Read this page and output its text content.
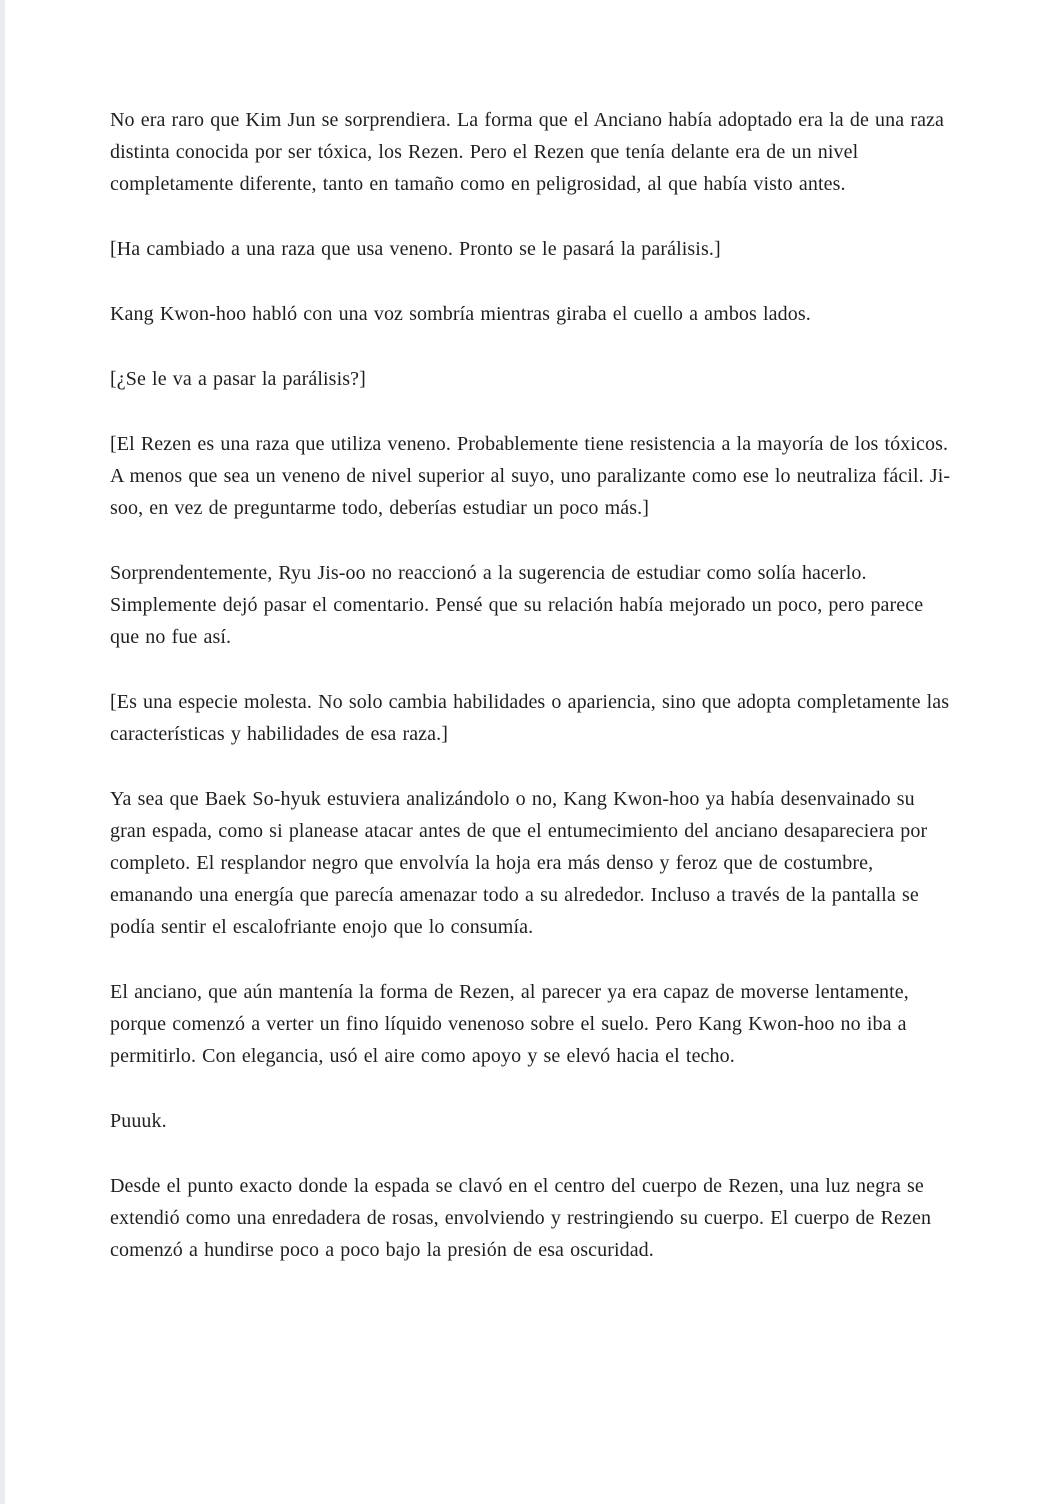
No era raro que Kim Jun se sorprendiera. La forma que el Anciano había adoptado era la de una raza distinta conocida por ser tóxica, los Rezen. Pero el Rezen que tenía delante era de un nivel completamente diferente, tanto en tamaño como en peligrosidad, al que había visto antes.

[Ha cambiado a una raza que usa veneno. Pronto se le pasará la parálisis.]

Kang Kwon-hoo habló con una voz sombría mientras giraba el cuello a ambos lados.

[¿Se le va a pasar la parálisis?]

[El Rezen es una raza que utiliza veneno. Probablemente tiene resistencia a la mayoría de los tóxicos. A menos que sea un veneno de nivel superior al suyo, uno paralizante como ese lo neutraliza fácil. Ji-soo, en vez de preguntarme todo, deberías estudiar un poco más.]

Sorprendentemente, Ryu Jis-oo no reaccionó a la sugerencia de estudiar como solía hacerlo. Simplemente dejó pasar el comentario. Pensé que su relación había mejorado un poco, pero parece que no fue así.

[Es una especie molesta. No solo cambia habilidades o apariencia, sino que adopta completamente las características y habilidades de esa raza.]

Ya sea que Baek So-hyuk estuviera analizándolo o no, Kang Kwon-hoo ya había desenvainado su gran espada, como si planease atacar antes de que el entumecimiento del anciano desapareciera por completo. El resplandor negro que envolvía la hoja era más denso y feroz que de costumbre, emanando una energía que parecía amenazar todo a su alrededor. Incluso a través de la pantalla se podía sentir el escalofriante enojo que lo consumía.

El anciano, que aún mantenía la forma de Rezen, al parecer ya era capaz de moverse lentamente, porque comenzó a verter un fino líquido venenoso sobre el suelo. Pero Kang Kwon-hoo no iba a permitirlo. Con elegancia, usó el aire como apoyo y se elevó hacia el techo.

Puuuk.

Desde el punto exacto donde la espada se clavó en el centro del cuerpo de Rezen, una luz negra se extendió como una enredadera de rosas, envolviendo y restringiendo su cuerpo. El cuerpo de Rezen comenzó a hundirse poco a poco bajo la presión de esa oscuridad.
